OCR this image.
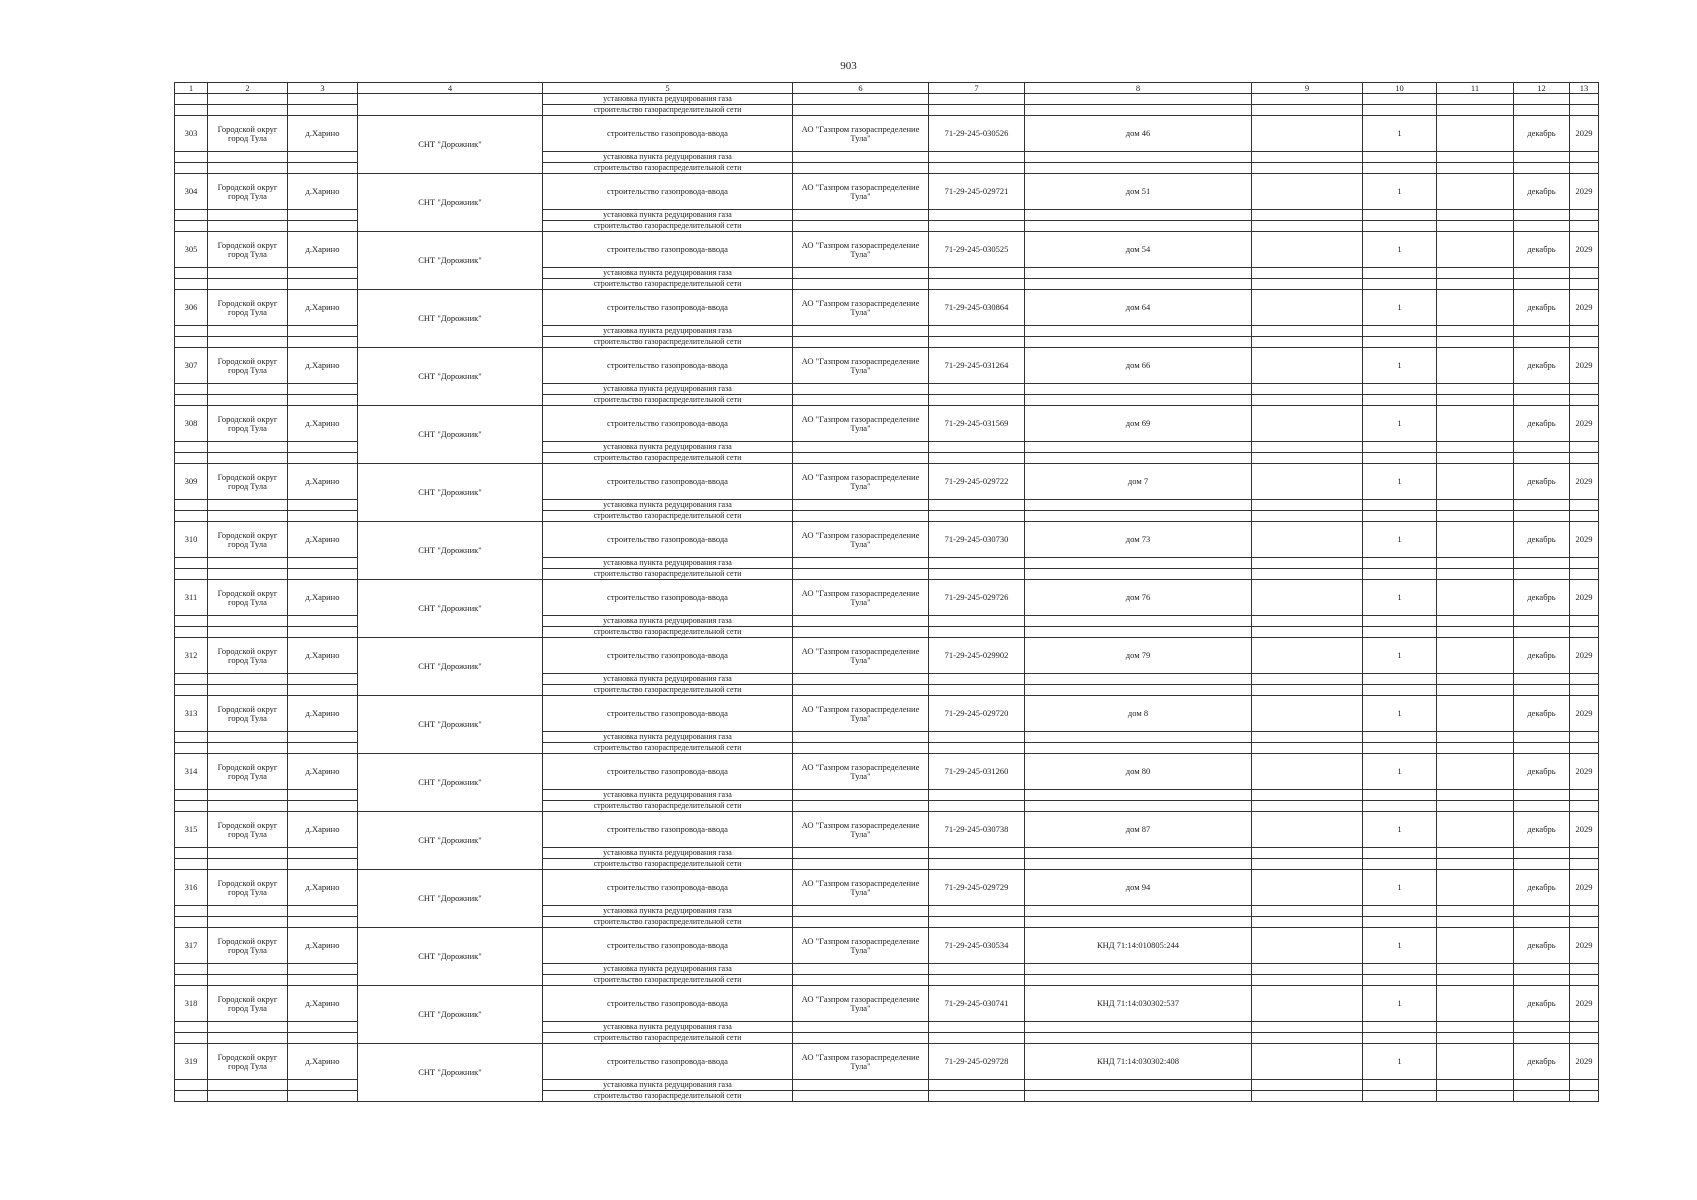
903
1	2	3	4	5	6	7	8	9	10	11	12	13
				установка пункта редуцирования газа								
				строительство газораспределительной сети								
303	Городской округ город Тула	д.Харино	СНТ "Дорожник"	строительство газопровода-ввода	АО "Газпром газораспределение Тула"	71-29-245-030526	дом 46		1		декабрь	2029
				установка пункта редуцирования газа								
				строительство газораспределительной сети								
304	Городской округ город Тула	д.Харино	СНТ "Дорожник"	строительство газопровода-ввода	АО "Газпром газораспределение Тула"	71-29-245-029721	дом 51		1		декабрь	2029
				установка пункта редуцирования газа								
				строительство газораспределительной сети								
305	Городской округ город Тула	д.Харино	СНТ "Дорожник"	строительство газопровода-ввода	АО "Газпром газораспределение Тула"	71-29-245-030525	дом 54		1		декабрь	2029
				установка пункта редуцирования газа								
				строительство газораспределительной сети								
306	Городской округ город Тула	д.Харино	СНТ "Дорожник"	строительство газопровода-ввода	АО "Газпром газораспределение Тула"	71-29-245-030864	дом 64		1		декабрь	2029
				установка пункта редуцирования газа								
				строительство газораспределительной сети								
307	Городской округ город Тула	д.Харино	СНТ "Дорожник"	строительство газопровода-ввода	АО "Газпром газораспределение Тула"	71-29-245-031264	дом 66		1		декабрь	2029
				установка пункта редуцирования газа								
				строительство газораспределительной сети								
308	Городской округ город Тула	д.Харино	СНТ "Дорожник"	строительство газопровода-ввода	АО "Газпром газораспределение Тула"	71-29-245-031569	дом 69		1		декабрь	2029
				установка пункта редуцирования газа								
				строительство газораспределительной сети								
309	Городской округ город Тула	д.Харино	СНТ "Дорожник"	строительство газопровода-ввода	АО "Газпром газораспределение Тула"	71-29-245-029722	дом 7		1		декабрь	2029
				установка пункта редуцирования газа								
				строительство газораспределительной сети								
310	Городской округ город Тула	д.Харино	СНТ "Дорожник"	строительство газопровода-ввода	АО "Газпром газораспределение Тула"	71-29-245-030730	дом 73		1		декабрь	2029
				установка пункта редуцирования газа								
				строительство газораспределительной сети								
311	Городской округ город Тула	д.Харино	СНТ "Дорожник"	строительство газопровода-ввода	АО "Газпром газораспределение Тула"	71-29-245-029726	дом 76		1		декабрь	2029
				установка пункта редуцирования газа								
				строительство газораспределительной сети								
312	Городской округ город Тула	д.Харино	СНТ "Дорожник"	строительство газопровода-ввода	АО "Газпром газораспределение Тула"	71-29-245-029902	дом 79		1		декабрь	2029
				установка пункта редуцирования газа								
				строительство газораспределительной сети								
313	Городской округ город Тула	д.Харино	СНТ "Дорожник"	строительство газопровода-ввода	АО "Газпром газораспределение Тула"	71-29-245-029720	дом 8		1		декабрь	2029
				установка пункта редуцирования газа								
				строительство газораспределительной сети								
314	Городской округ город Тула	д.Харино	СНТ "Дорожник"	строительство газопровода-ввода	АО "Газпром газораспределение Тула"	71-29-245-031260	дом 80		1		декабрь	2029
				установка пункта редуцирования газа								
				строительство газораспределительной сети								
315	Городской округ город Тула	д.Харино	СНТ "Дорожник"	строительство газопровода-ввода	АО "Газпром газораспределение Тула"	71-29-245-030738	дом 87		1		декабрь	2029
				установка пункта редуцирования газа								
				строительство газораспределительной сети								
316	Городской округ город Тула	д.Харино	СНТ "Дорожник"	строительство газопровода-ввода	АО "Газпром газораспределение Тула"	71-29-245-029729	дом 94		1		декабрь	2029
				установка пункта редуцирования газа								
				строительство газораспределительной сети								
317	Городской округ город Тула	д.Харино	СНТ "Дорожник"	строительство газопровода-ввода	АО "Газпром газораспределение Тула"	71-29-245-030534	КНД 71:14:010805:244		1		декабрь	2029
				установка пункта редуцирования газа								
				строительство газораспределительной сети								
318	Городской округ город Тула	д.Харино	СНТ "Дорожник"	строительство газопровода-ввода	АО "Газпром газораспределение Тула"	71-29-245-030741	КНД 71:14:030302:537		1		декабрь	2029
				установка пункта редуцирования газа								
				строительство газораспределительной сети								
319	Городской округ город Тула	д.Харино	СНТ "Дорожник"	строительство газопровода-ввода	АО "Газпром газораспределение Тула"	71-29-245-029728	КНД 71:14:030302:408		1		декабрь	2029
				установка пункта редуцирования газа								
				строительство газораспределительной сети								
